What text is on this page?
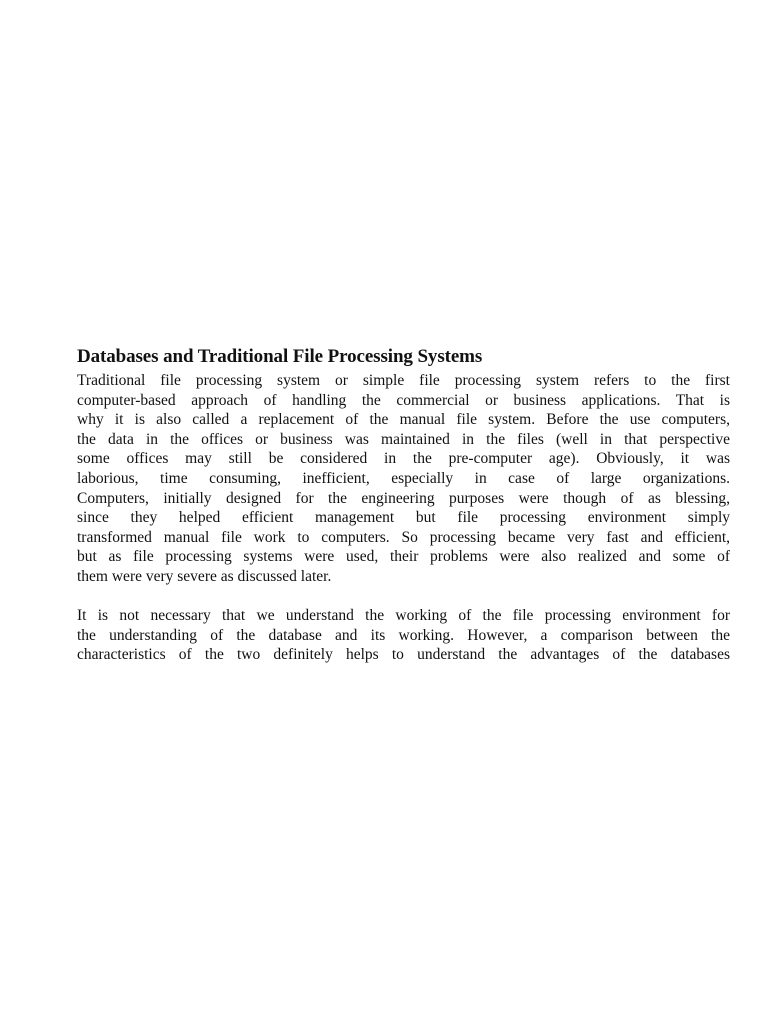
Databases and Traditional File Processing Systems

Traditional file processing system or simple file processing system refers to the first
computer-based approach of handling the commercial or business applications. That is
why it is also called a replacement of the manual file system. Before the use computers,
the data in the offices or business was maintained in the files (well in that perspective
some offices may still be considered in the pre-computer age). Obviously, it was
laborious, time consuming, inefficient, especially in case of large organizations.
Computers, initially designed for the engineering purposes were though of as blessing,
since they helped efficient management but file processing environment simply
transformed manual file work to computers. So processing became very fast and efficient,
but as file processing systems were used, their problems were also realized and some of
them were very severe as discussed later.

It is not necessary that we understand the working of the file processing environment for
the understanding of the database and its working. However, a comparison between the
characteristics of the two definitely helps to understand the advantages of the databases
